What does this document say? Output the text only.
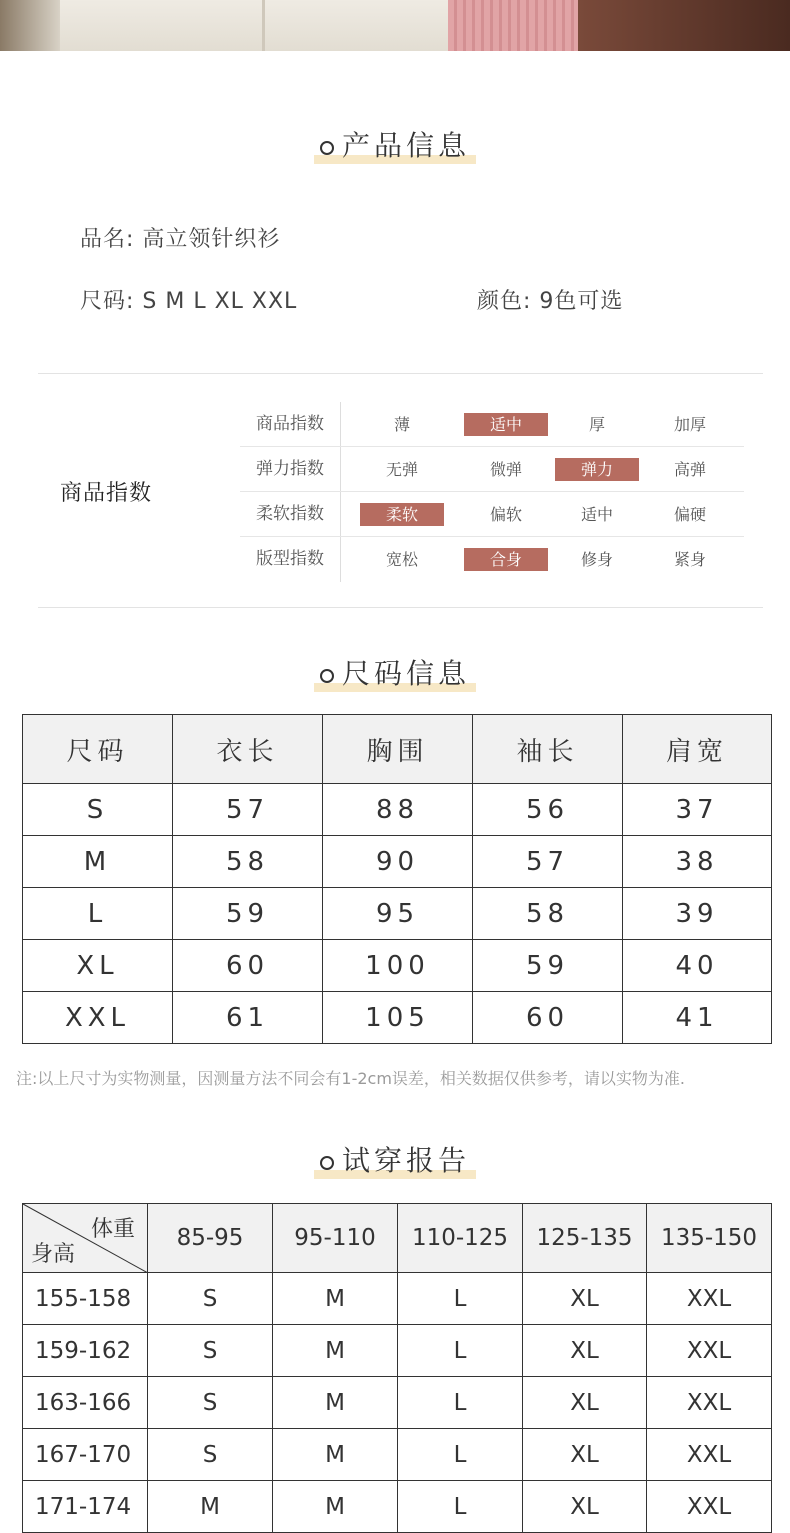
产品信息
品名: 高立领针织衫
尺码: S M L XL XXL	颜色: 9色可选
商品指数
商品指数	薄	适中	厚	加厚
弹力指数	无弹	微弹	弹力	高弹
柔软指数	柔软	偏软	适中	偏硬
版型指数	宽松	合身	修身	紧身
尺码信息
尺码	衣长	胸围	袖长	肩宽
S	57	88	56	37
M	58	90	57	38
L	59	95	58	39
XL	60	100	59	40
XXL	61	105	60	41
注:以上尺寸为实物测量，因测量方法不同会有1-2cm误差，相关数据仅供参考，请以实物为准.
试穿报告
体重
身高	85-95	95-110	110-125	125-135	135-150
155-158	S	M	L	XL	XXL
159-162	S	M	L	XL	XXL
163-166	S	M	L	XL	XXL
167-170	S	M	L	XL	XXL
171-174	M	M	L	XL	XXL
